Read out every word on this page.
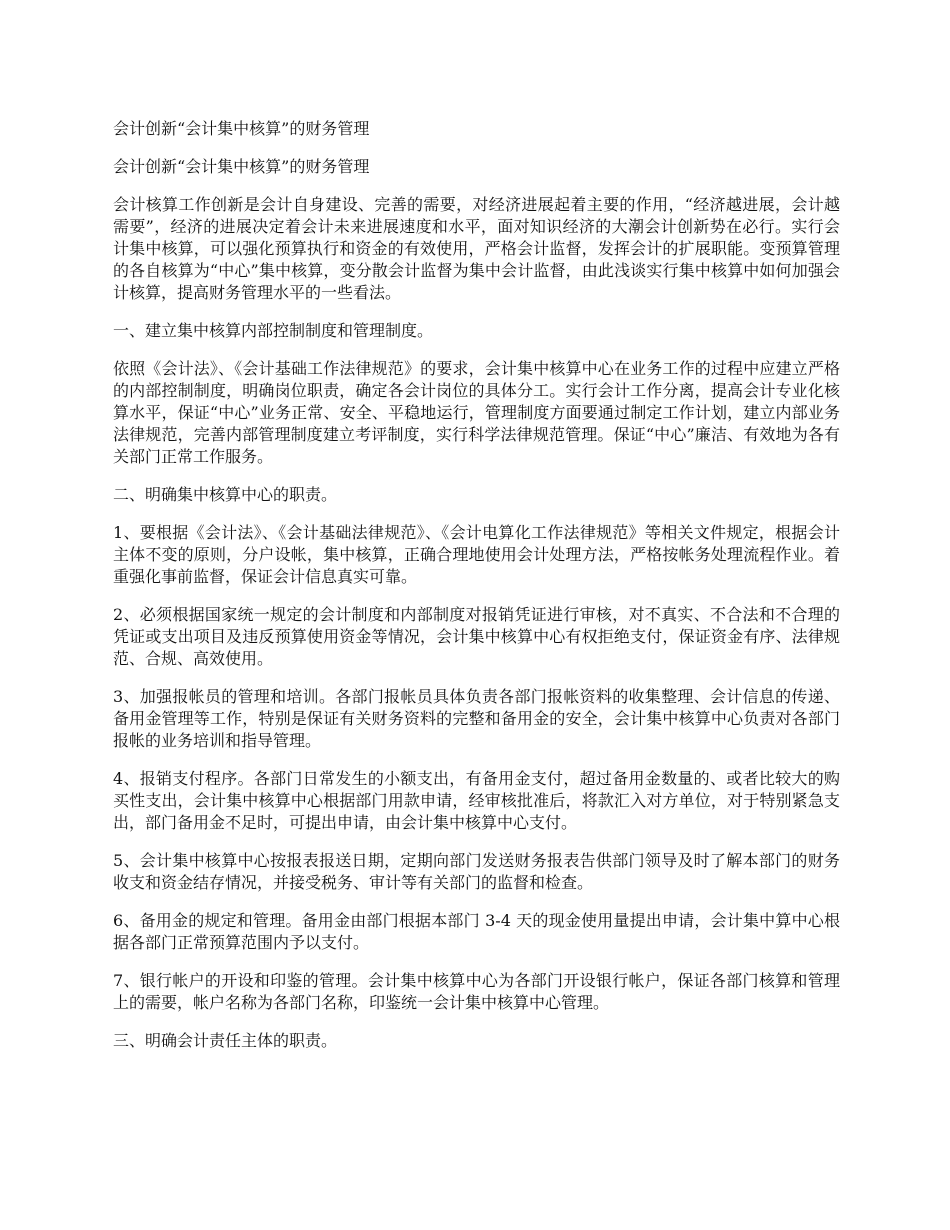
会计创新“会计集中核算”的财务管理

会计创新“会计集中核算”的财务管理

会计核算工作创新是会计自身建设、完善的需要，对经济进展起着主要的作用，“经济越进展，会计越需要”，经济的进展决定着会计未来进展速度和水平，面对知识经济的大潮会计创新势在必行。实行会计集中核算，可以强化预算执行和资金的有效使用，严格会计监督，发挥会计的扩展职能。变预算管理的各自核算为“中心”集中核算，变分散会计监督为集中会计监督，由此浅谈实行集中核算中如何加强会计核算，提高财务管理水平的一些看法。

一、建立集中核算内部控制制度和管理制度。

依照《会计法》、《会计基础工作法律规范》的要求，会计集中核算中心在业务工作的过程中应建立严格的内部控制制度，明确岗位职责，确定各会计岗位的具体分工。实行会计工作分离，提高会计专业化核算水平，保证“中心”业务正常、安全、平稳地运行，管理制度方面要通过制定工作计划，建立内部业务法律规范，完善内部管理制度建立考评制度，实行科学法律规范管理。保证“中心”廉洁、有效地为各有关部门正常工作服务。

二、明确集中核算中心的职责。

1、要根据《会计法》、《会计基础法律规范》、《会计电算化工作法律规范》等相关文件规定，根据会计主体不变的原则，分户设帐，集中核算，正确合理地使用会计处理方法，严格按帐务处理流程作业。着重强化事前监督，保证会计信息真实可靠。

2、必须根据国家统一规定的会计制度和内部制度对报销凭证进行审核，对不真实、不合法和不合理的凭证或支出项目及违反预算使用资金等情况，会计集中核算中心有权拒绝支付，保证资金有序、法律规范、合规、高效使用。

3、加强报帐员的管理和培训。各部门报帐员具体负责各部门报帐资料的收集整理、会计信息的传递、备用金管理等工作，特别是保证有关财务资料的完整和备用金的安全，会计集中核算中心负责对各部门报帐的业务培训和指导管理。

4、报销支付程序。各部门日常发生的小额支出，有备用金支付，超过备用金数量的、或者比较大的购买性支出，会计集中核算中心根据部门用款申请，经审核批准后，将款汇入对方单位，对于特别紧急支出，部门备用金不足时，可提出申请，由会计集中核算中心支付。

5、会计集中核算中心按报表报送日期，定期向部门发送财务报表告供部门领导及时了解本部门的财务收支和资金结存情况，并接受税务、审计等有关部门的监督和检查。

6、备用金的规定和管理。备用金由部门根据本部门 3-4 天的现金使用量提出申请，会计集中算中心根据各部门正常预算范围内予以支付。

7、银行帐户的开设和印鉴的管理。会计集中核算中心为各部门开设银行帐户，保证各部门核算和管理上的需要，帐户名称为各部门名称，印鉴统一会计集中核算中心管理。

三、明确会计责任主体的职责。
